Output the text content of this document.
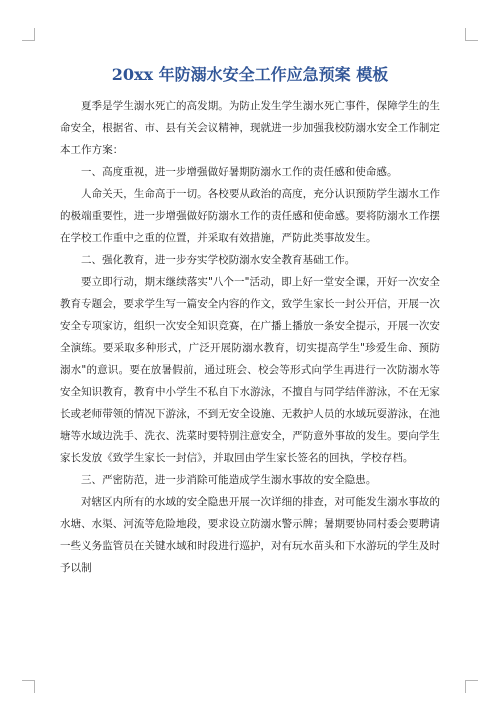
20xx 年防溺水安全工作应急预案 模板

夏季是学生溺水死亡的高发期。为防止发生学生溺水死亡事件，保障学生的生命安全，根据省、市、县有关会议精神，现就进一步加强我校防溺水安全工作制定本工作方案：

一、高度重视，进一步增强做好暑期防溺水工作的责任感和使命感。

人命关天，生命高于一切。各校要从政治的高度，充分认识预防学生溺水工作的极端重要性，进一步增强做好防溺水工作的责任感和使命感。要将防溺水工作摆在学校工作重中之重的位置，并采取有效措施，严防此类事故发生。

二、强化教育，进一步夯实学校防溺水安全教育基础工作。

要立即行动，期末继续落实"八个一"活动，即上好一堂安全课，开好一次安全教育专题会，要求学生写一篇安全内容的作文，致学生家长一封公开信，开展一次安全专项家访，组织一次安全知识竞赛，在广播上播放一条安全提示，开展一次安全演练。要采取多种形式，广泛开展防溺水教育，切实提高学生"珍爱生命、预防溺水"的意识。要在放暑假前，通过班会、校会等形式向学生再进行一次防溺水等安全知识教育，教育中小学生不私自下水游泳，不擅自与同学结伴游泳，不在无家长或老师带领的情况下游泳，不到无安全设施、无救护人员的水域玩耍游泳，在池塘等水域边洗手、洗衣、洗菜时要特别注意安全，严防意外事故的发生。要向学生家长发放《致学生家长一封信》，并取回由学生家长签名的回执，学校存档。

三、严密防范，进一步消除可能造成学生溺水事故的安全隐患。

对辖区内所有的水域的安全隐患开展一次详细的排查，对可能发生溺水事故的水塘、水渠、河流等危险地段，要求设立防溺水警示牌；暑期要协同村委会要聘请一些义务监管员在关键水域和时段进行巡护，对有玩水苗头和下水游玩的学生及时予以制
